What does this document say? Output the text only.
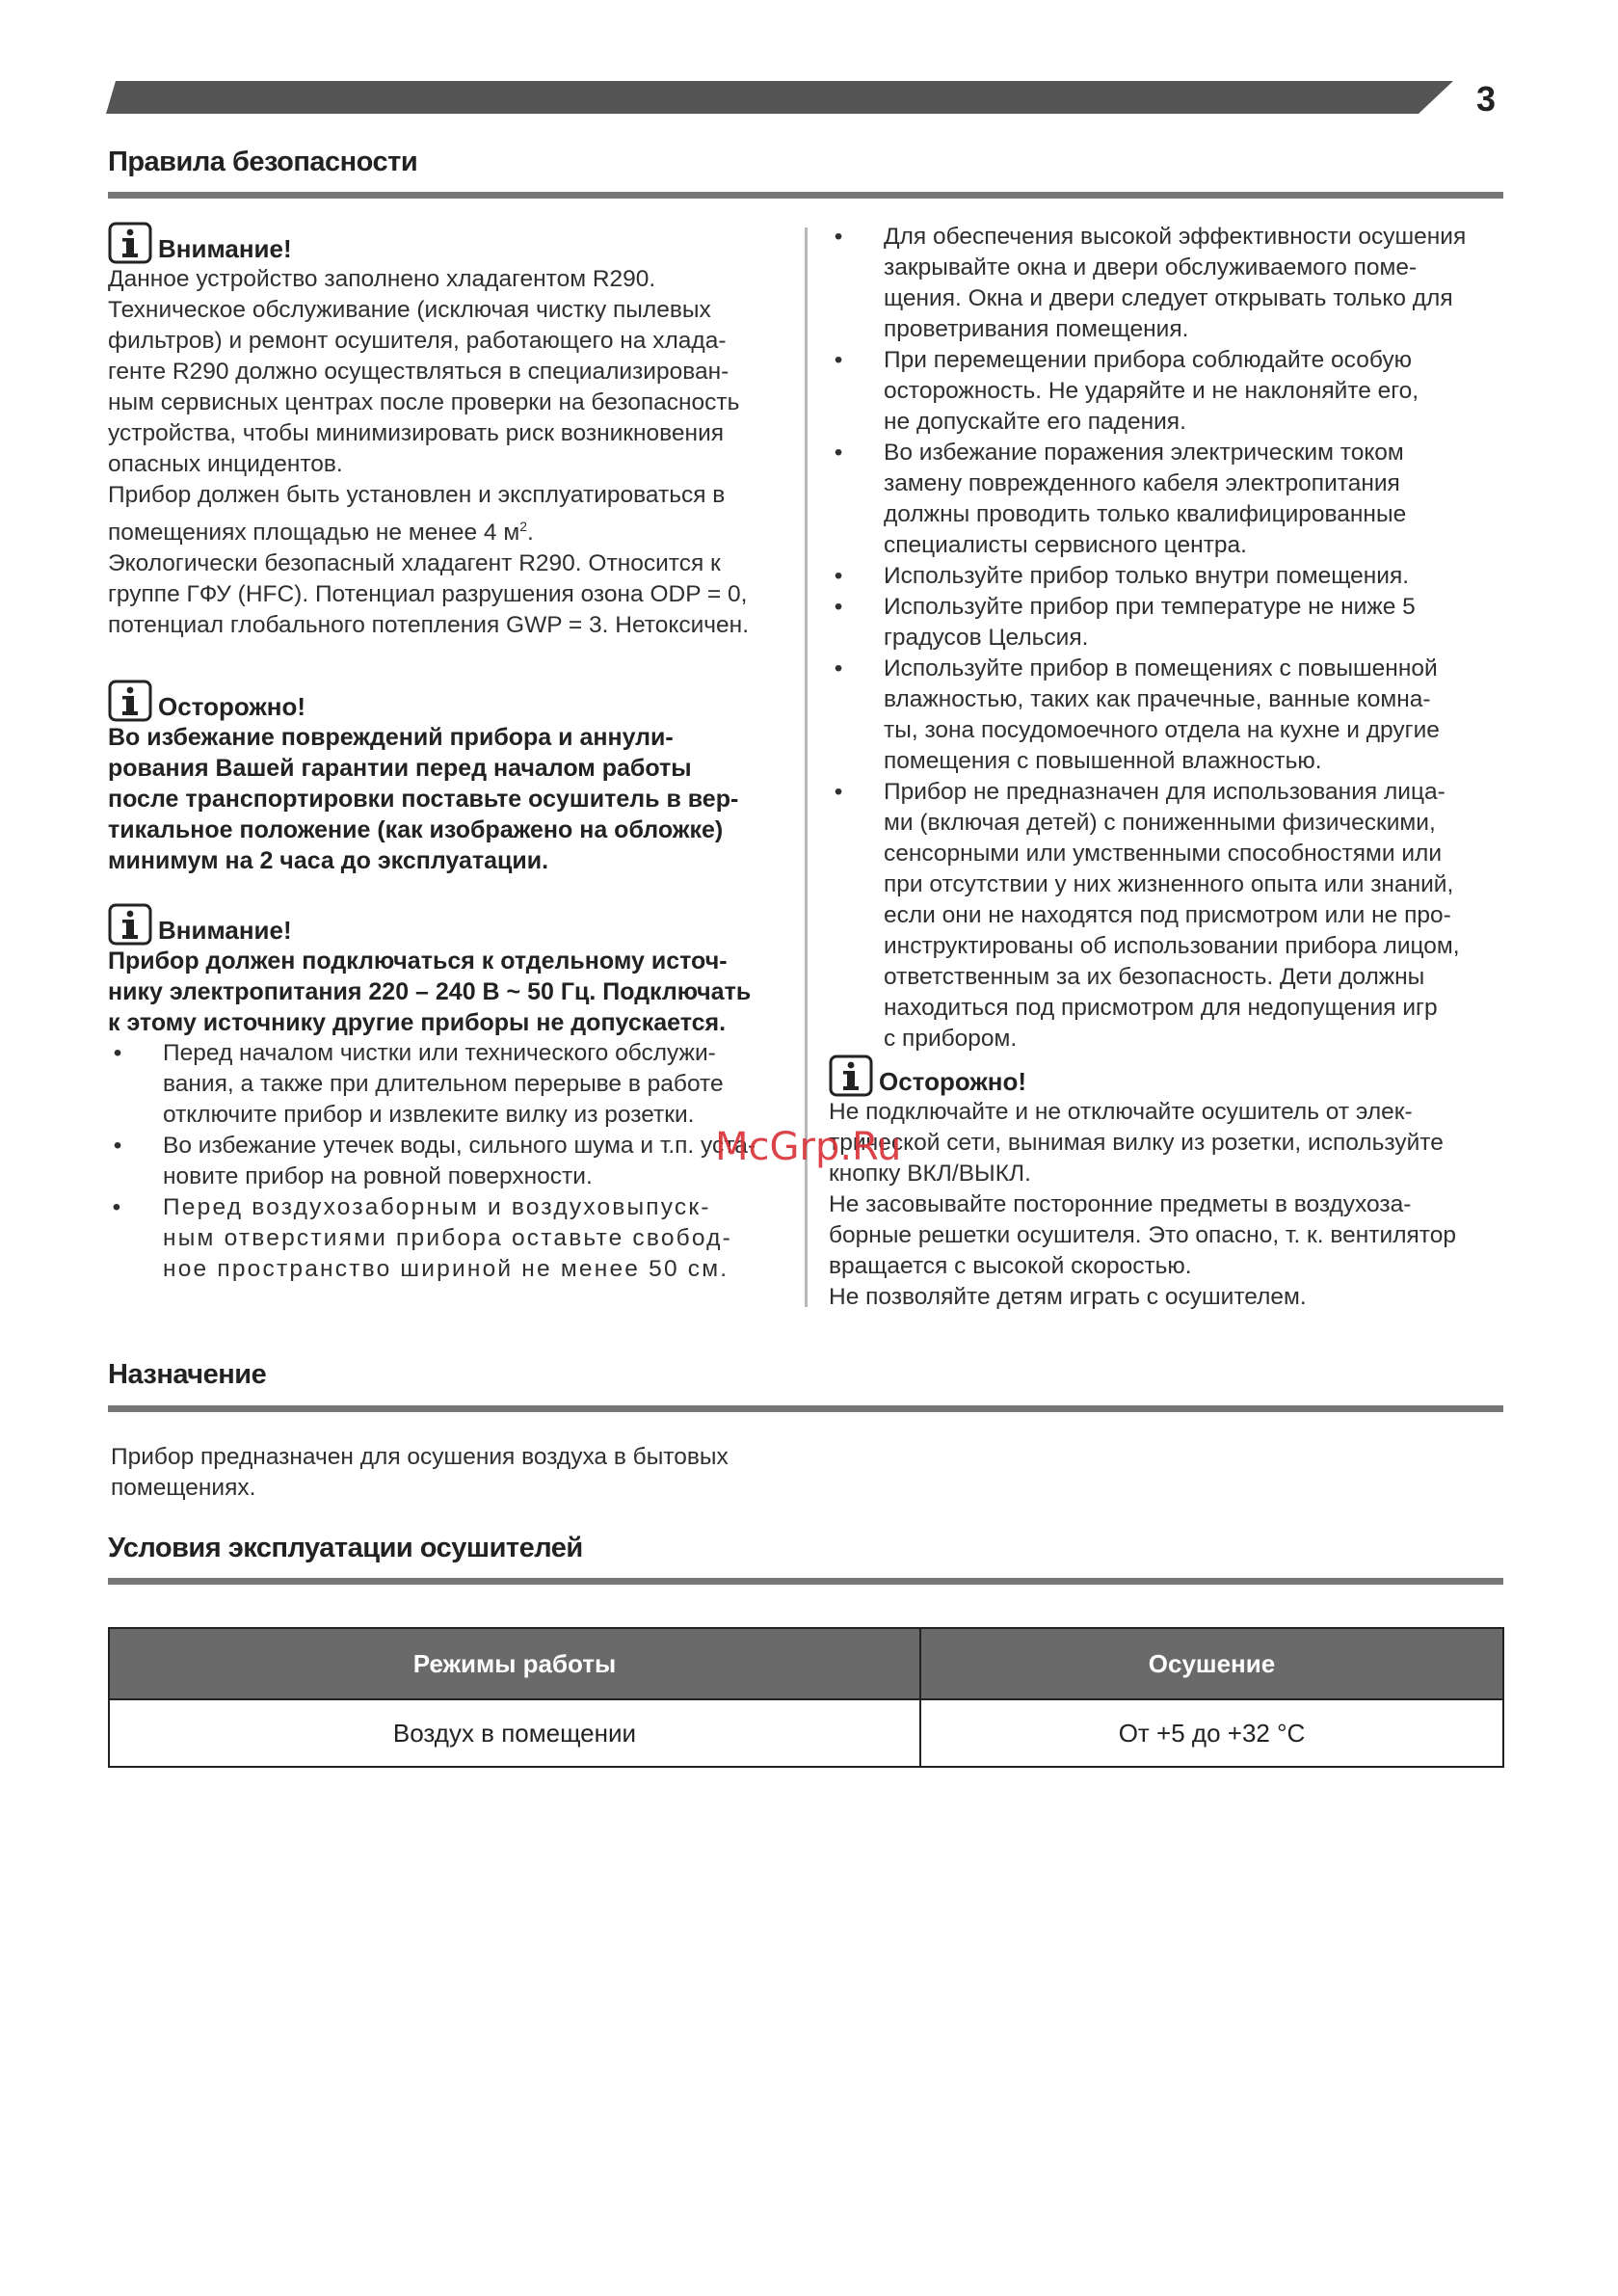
3
Правила безопасности
Внимание!

Данное устройство заполнено хладагентом R290.

Техническое обслуживание (исключая чистку пылевых

фильтров) и ремонт осушителя, работающего на хлада-

генте R290 должно осуществляться в специализирован-

ным сервисных центрах после проверки на безопасность

устройства, чтобы минимизировать риск возникновения

опасных инцидентов.

Прибор должен быть установлен и эксплуатироваться в

помещениях площадью не менее 4 $м^2$.

Экологически безопасный хладагент R290. Относится к

группе ГФУ (HFC). Потенциал разрушения озона ODP = 0,

потенциал глобального потепления GWP = 3. Нетоксичен.

Осторожно!

Во избежание повреждений прибора и аннули-

рования Вашей гарантии перед началом работы

после транспортировки поставьте осушитель в вер-

тикальное положение (как изображено на обложке)

минимум на 2 часа до эксплуатации.

Внимание!

Прибор должен подключаться к отдельному источ-

нику электропитания 220 – 240 В ~ 50 Гц. Подключать

к этому источнику другие приборы не допускается.

• Перед началом чистки или технического обслужи-

вания, а также при длительном перерыве в работе

отключите прибор и извлеките вилку из розетки.

• Во избежание утечек воды, сильного шума и т.п. уста-

новите прибор на ровной поверхности.

• Перед воздухозаборным и воздуховыпуск-

ным отверстиями прибора оставьте свобод-

ное пространство шириной не менее 50 см.

• Для обеспечения высокой эффективности осушения

закрывайте окна и двери обслуживаемого поме-

щения. Окна и двери следует открывать только для

проветривания помещения.

• При перемещении прибора соблюдайте особую

осторожность. Не ударяйте и не наклоняйте его,

не допускайте его падения.

• Во избежание поражения электрическим током

замену поврежденного кабеля электропитания

должны проводить только квалифицированные

специалисты сервисного центра.

• Используйте прибор только внутри помещения.

• Используйте прибор при температуре не ниже 5

градусов Цельсия.

• Используйте прибор в помещениях с повышенной

влажностью, таких как прачечные, ванные комна-

ты, зона посудомоечного отдела на кухне и другие

помещения с повышенной влажностью.

• Прибор не предназначен для использования лица-

ми (включая детей) с пониженными физическими,

сенсорными или умственными способностями или

при отсутствии у них жизненного опыта или знаний,

если они не находятся под присмотром или не про-

инструктированы об использовании прибора лицом,

ответственным за их безопасность. Дети должны

находиться под присмотром для недопущения игр

с прибором.

Осторожно!

Не подключайте и не отключайте осушитель от элек-

трической сети, вынимая вилку из розетки, используйте

кнопку ВКЛ/ВЫКЛ.

Не засовывайте посторонние предметы в воздухоза-

борные решетки осушителя. Это опасно, т. к. вентилятор

вращается с высокой скоростью.

Не позволяйте детям играть с осушителем.

McGrp.Ru
Назначение

Прибор предназначен для осушения воздуха в бытовых

помещениях.

Условия эксплуатации осушителей
Режимы работы	Осушение
Воздух в помещении	От +5 до +32 °C
